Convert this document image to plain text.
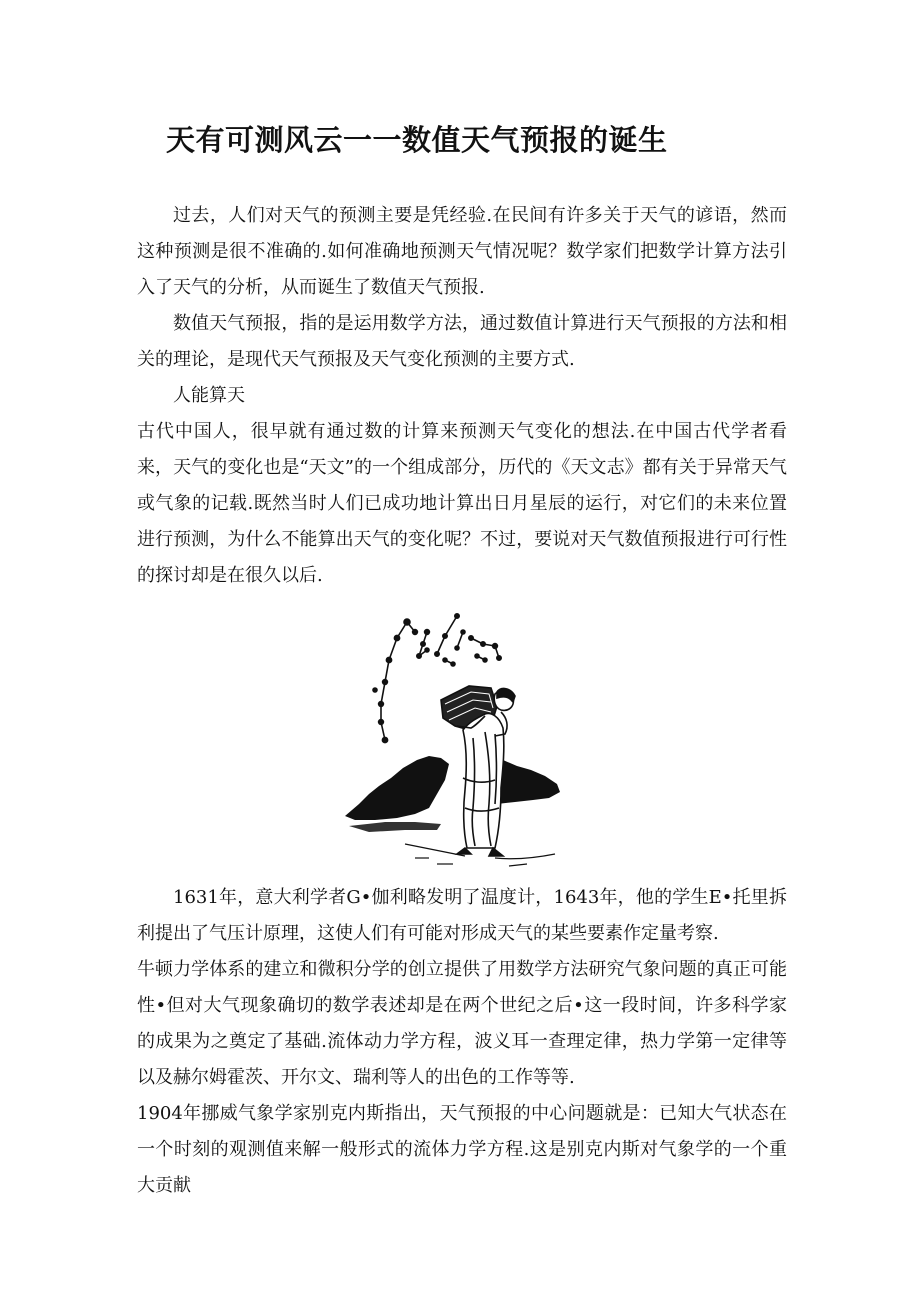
天有可测风云一一数值天气预报的诞生

过去，人们对天气的预测主要是凭经验.在民间有许多关于天气的谚语，然而这种预测是很不准确的.如何准确地预测天气情况呢？数学家们把数学计算方法引入了天气的分析，从而诞生了数值天气预报.

数值天气预报，指的是运用数学方法，通过数值计算进行天气预报的方法和相关的理论，是现代天气预报及天气变化预测的主要方式.

人能算天

古代中国人，很早就有通过数的计算来预测天气变化的想法.在中国古代学者看来，天气的变化也是“天文”的一个组成部分，历代的《天文志》都有关于异常天气或气象的记载.既然当时人们已成功地计算出日月星辰的运行，对它们的未来位置进行预测，为什么不能算出天气的变化呢？不过，要说对天气数值预报进行可行性的探讨却是在很久以后.

1631年，意大利学者G•伽利略发明了温度计，1643年，他的学生E•托里拆利提出了气压计原理，这使人们有可能对形成天气的某些要素作定量考察.

牛顿力学体系的建立和微积分学的创立提供了用数学方法研究气象问题的真正可能性•但对大气现象确切的数学表述却是在两个世纪之后•这一段时间，许多科学家的成果为之奠定了基础.流体动力学方程，波义耳一查理定律，热力学第一定律等以及赫尔姆霍茨、开尔文、瑞利等人的出色的工作等等.

1904年挪威气象学家别克内斯指出，天气预报的中心问题就是：已知大气状态在一个时刻的观测值来解一般形式的流体力学方程.这是别克内斯对气象学的一个重大贡献
